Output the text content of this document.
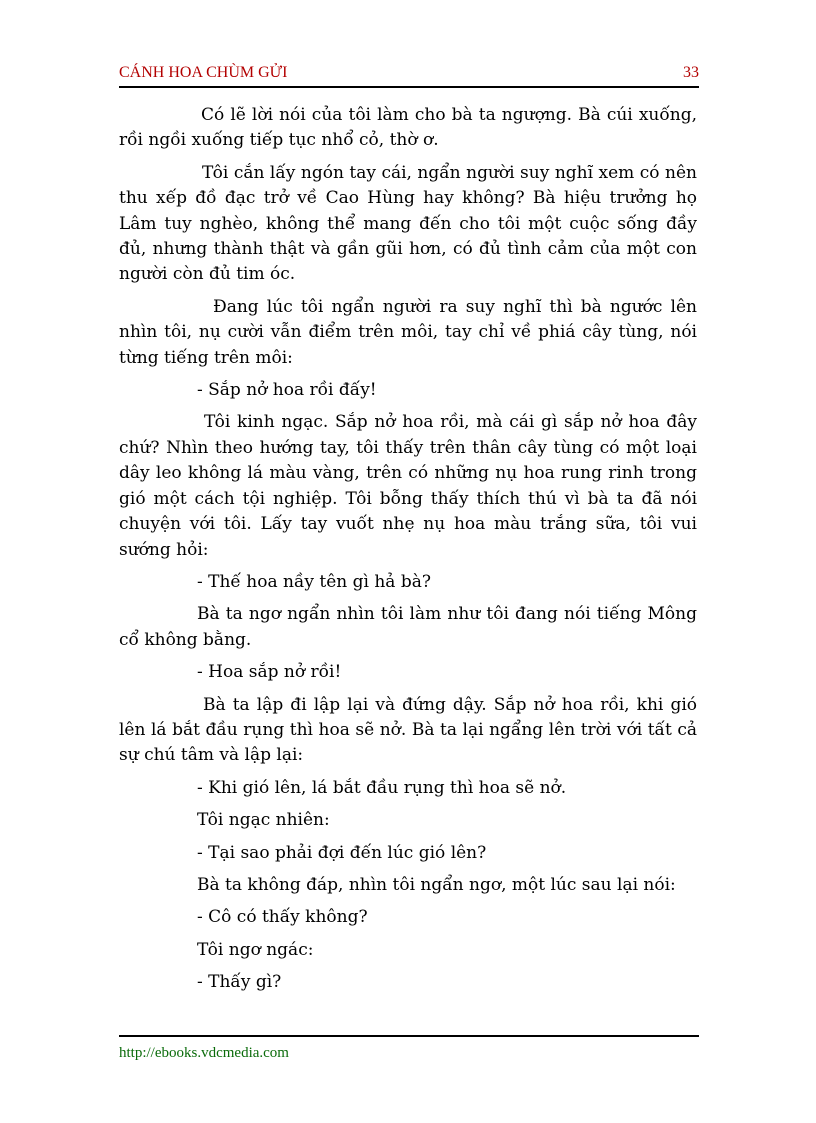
CÁNH HOA CHÙM GỬI	33

Có lẽ lời nói của tôi làm cho bà ta ngượng. Bà cúi xuống, rồi ngồi xuống tiếp tục nhổ cỏ, thờ ơ.

Tôi cắn lấy ngón tay cái, ngẩn người suy nghĩ xem có nên thu xếp đồ đạc trở về Cao Hùng hay không? Bà hiệu trưởng họ Lâm tuy nghèo, không thể mang đến cho tôi một cuộc sống đầy đủ, nhưng thành thật và gần gũi hơn, có đủ tình cảm của một con người còn đủ tim óc.

Đang lúc tôi ngẩn người ra suy nghĩ thì bà ngước lên nhìn tôi, nụ cười vẫn điểm trên môi, tay chỉ về phiá cây tùng, nói từng tiếng trên môi:

- Sắp nở hoa rồi đấy!

Tôi kinh ngạc. Sắp nở hoa rồi, mà cái gì sắp nở hoa đây chứ? Nhìn theo hướng tay, tôi thấy trên thân cây tùng có một loại dây leo không lá màu vàng, trên có những nụ hoa rung rinh trong gió một cách tội nghiệp. Tôi bỗng thấy thích thú vì bà ta đã nói chuyện với tôi. Lấy tay vuốt nhẹ nụ hoa màu trắng sữa, tôi vui sướng hỏi:

- Thế hoa nầy tên gì hả bà?

Bà ta ngơ ngẩn nhìn tôi làm như tôi đang nói tiếng Mông cổ không bằng.

- Hoa sắp nở rồi!

Bà ta lập đi lập lại và đứng dậy. Sắp nở hoa rồi, khi gió lên lá bắt đầu rụng thì hoa sẽ nở. Bà ta lại ngẩng lên trời với tất cả sự chú tâm và lập lại:

- Khi gió lên, lá bắt đầu rụng thì hoa sẽ nở.

Tôi ngạc nhiên:

- Tại sao phải đợi đến lúc gió lên?

Bà ta không đáp, nhìn tôi ngẩn ngơ, một lúc sau lại nói:

- Cô có thấy không?

Tôi ngơ ngác:

- Thấy gì?

http://ebooks.vdcmedia.com
